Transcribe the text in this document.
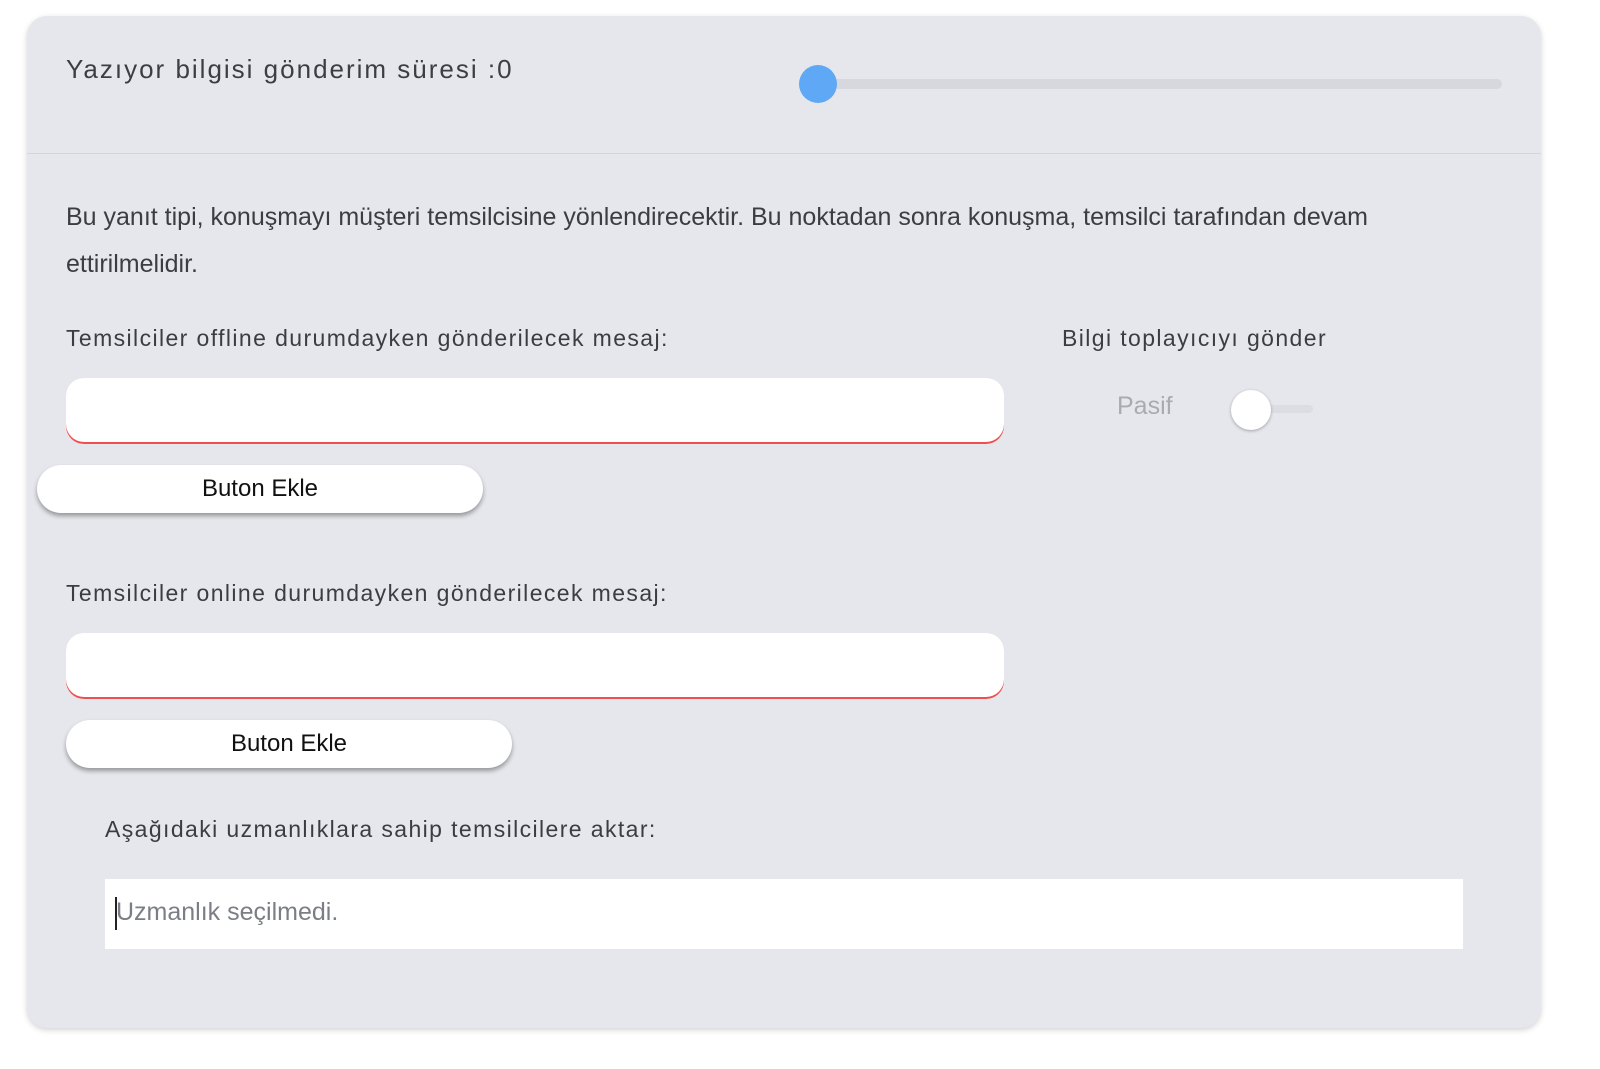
Yazıyor bilgisi gönderim süresi :0
Bu yanıt tipi, konuşmayı müşteri temsilcisine yönlendirecektir. Bu noktadan sonra konuşma, temsilci tarafından devam ettirilmelidir.
Temsilciler offline durumdayken gönderilecek mesaj:
Buton Ekle
Bilgi toplayıcıyı gönder
Pasif
Temsilciler online durumdayken gönderilecek mesaj:
Buton Ekle
Aşağıdaki uzmanlıklara sahip temsilcilere aktar:
Uzmanlık seçilmedi.
